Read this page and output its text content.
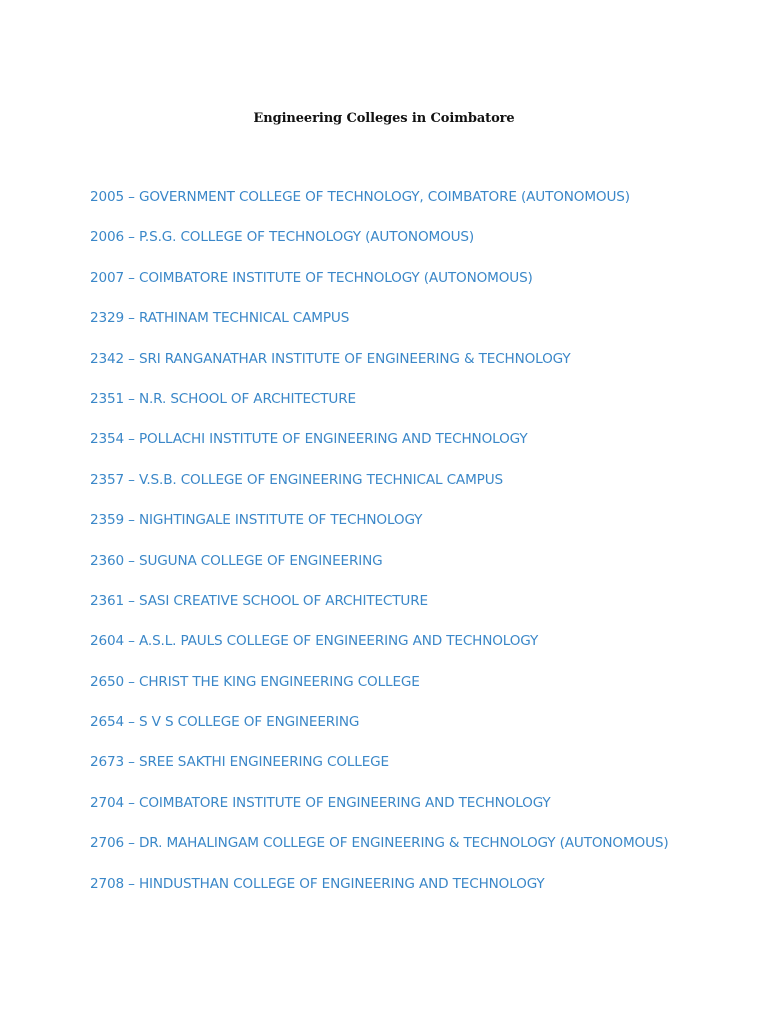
Engineering Colleges in Coimbatore
2005 – GOVERNMENT COLLEGE OF TECHNOLOGY, COIMBATORE (AUTONOMOUS)
2006 – P.S.G. COLLEGE OF TECHNOLOGY (AUTONOMOUS)
2007 – COIMBATORE INSTITUTE OF TECHNOLOGY (AUTONOMOUS)
2329 – RATHINAM TECHNICAL CAMPUS
2342 – SRI RANGANATHAR INSTITUTE OF ENGINEERING & TECHNOLOGY
2351 – N.R. SCHOOL OF ARCHITECTURE
2354 – POLLACHI INSTITUTE OF ENGINEERING AND TECHNOLOGY
2357 – V.S.B. COLLEGE OF ENGINEERING TECHNICAL CAMPUS
2359 – NIGHTINGALE INSTITUTE OF TECHNOLOGY
2360 – SUGUNA COLLEGE OF ENGINEERING
2361 – SASI CREATIVE SCHOOL OF ARCHITECTURE
2604 – A.S.L. PAULS COLLEGE OF ENGINEERING AND TECHNOLOGY
2650 – CHRIST THE KING ENGINEERING COLLEGE
2654 – S V S COLLEGE OF ENGINEERING
2673 – SREE SAKTHI ENGINEERING COLLEGE
2704 – COIMBATORE INSTITUTE OF ENGINEERING AND TECHNOLOGY
2706 – DR. MAHALINGAM COLLEGE OF ENGINEERING & TECHNOLOGY (AUTONOMOUS)
2708 – HINDUSTHAN COLLEGE OF ENGINEERING AND TECHNOLOGY
